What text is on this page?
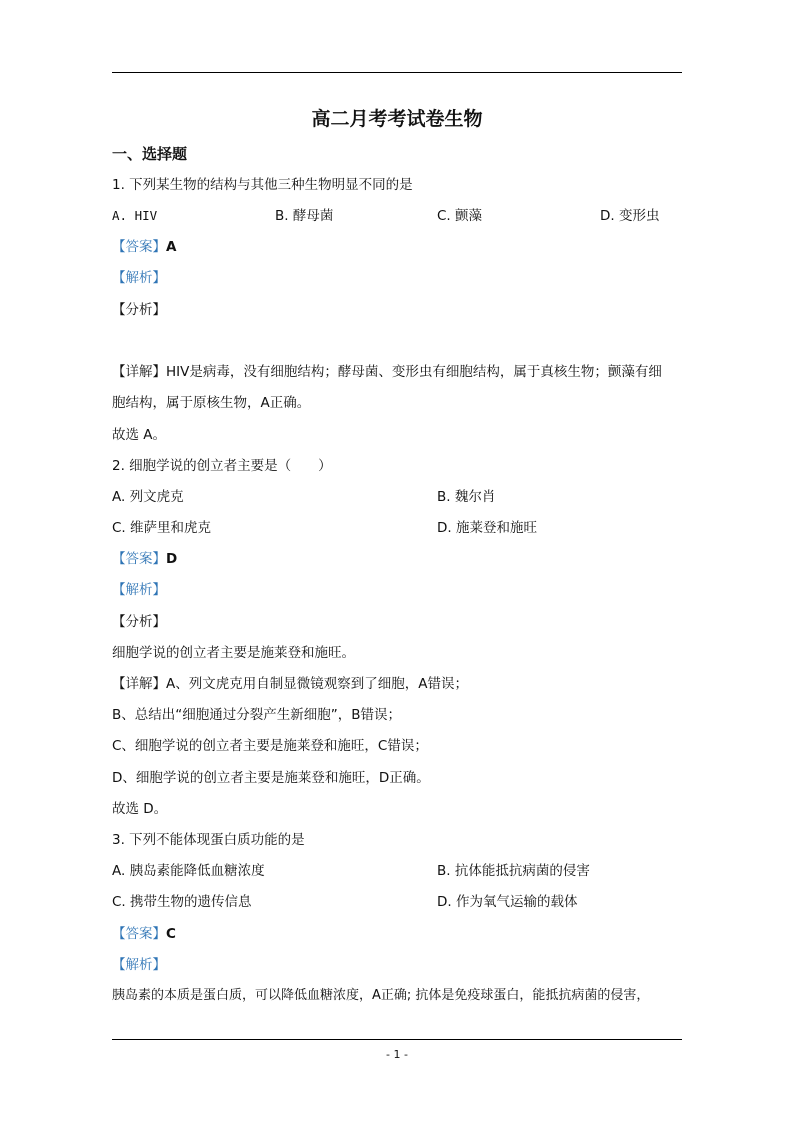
高二月考考试卷生物
一、选择题
1. 下列某生物的结构与其他三种生物明显不同的是
A. HIV	B. 酵母菌	C. 颤藻	D. 变形虫
【答案】A
【解析】
【分析】
【详解】HIV是病毒，没有细胞结构；酵母菌、变形虫有细胞结构，属于真核生物；颤藻有细
胞结构，属于原核生物，A正确。
故选 A。
2. 细胞学说的创立者主要是（　　）
A. 列文虎克	B. 魏尔肖
C. 维萨里和虎克	D. 施莱登和施旺
【答案】D
【解析】
【分析】
细胞学说的创立者主要是施莱登和施旺。
【详解】A、列文虎克用自制显微镜观察到了细胞，A错误；
B、总结出“细胞通过分裂产生新细胞”，B错误；
C、细胞学说的创立者主要是施莱登和施旺，C错误；
D、细胞学说的创立者主要是施莱登和施旺，D正确。
故选 D。
3. 下列不能体现蛋白质功能的是
A. 胰岛素能降低血糖浓度	B. 抗体能抵抗病菌的侵害
C. 携带生物的遗传信息	D. 作为氧气运输的载体
【答案】C
【解析】
胰岛素的本质是蛋白质，可以降低血糖浓度，A正确; 抗体是免疫球蛋白，能抵抗病菌的侵害，
- 1 -
